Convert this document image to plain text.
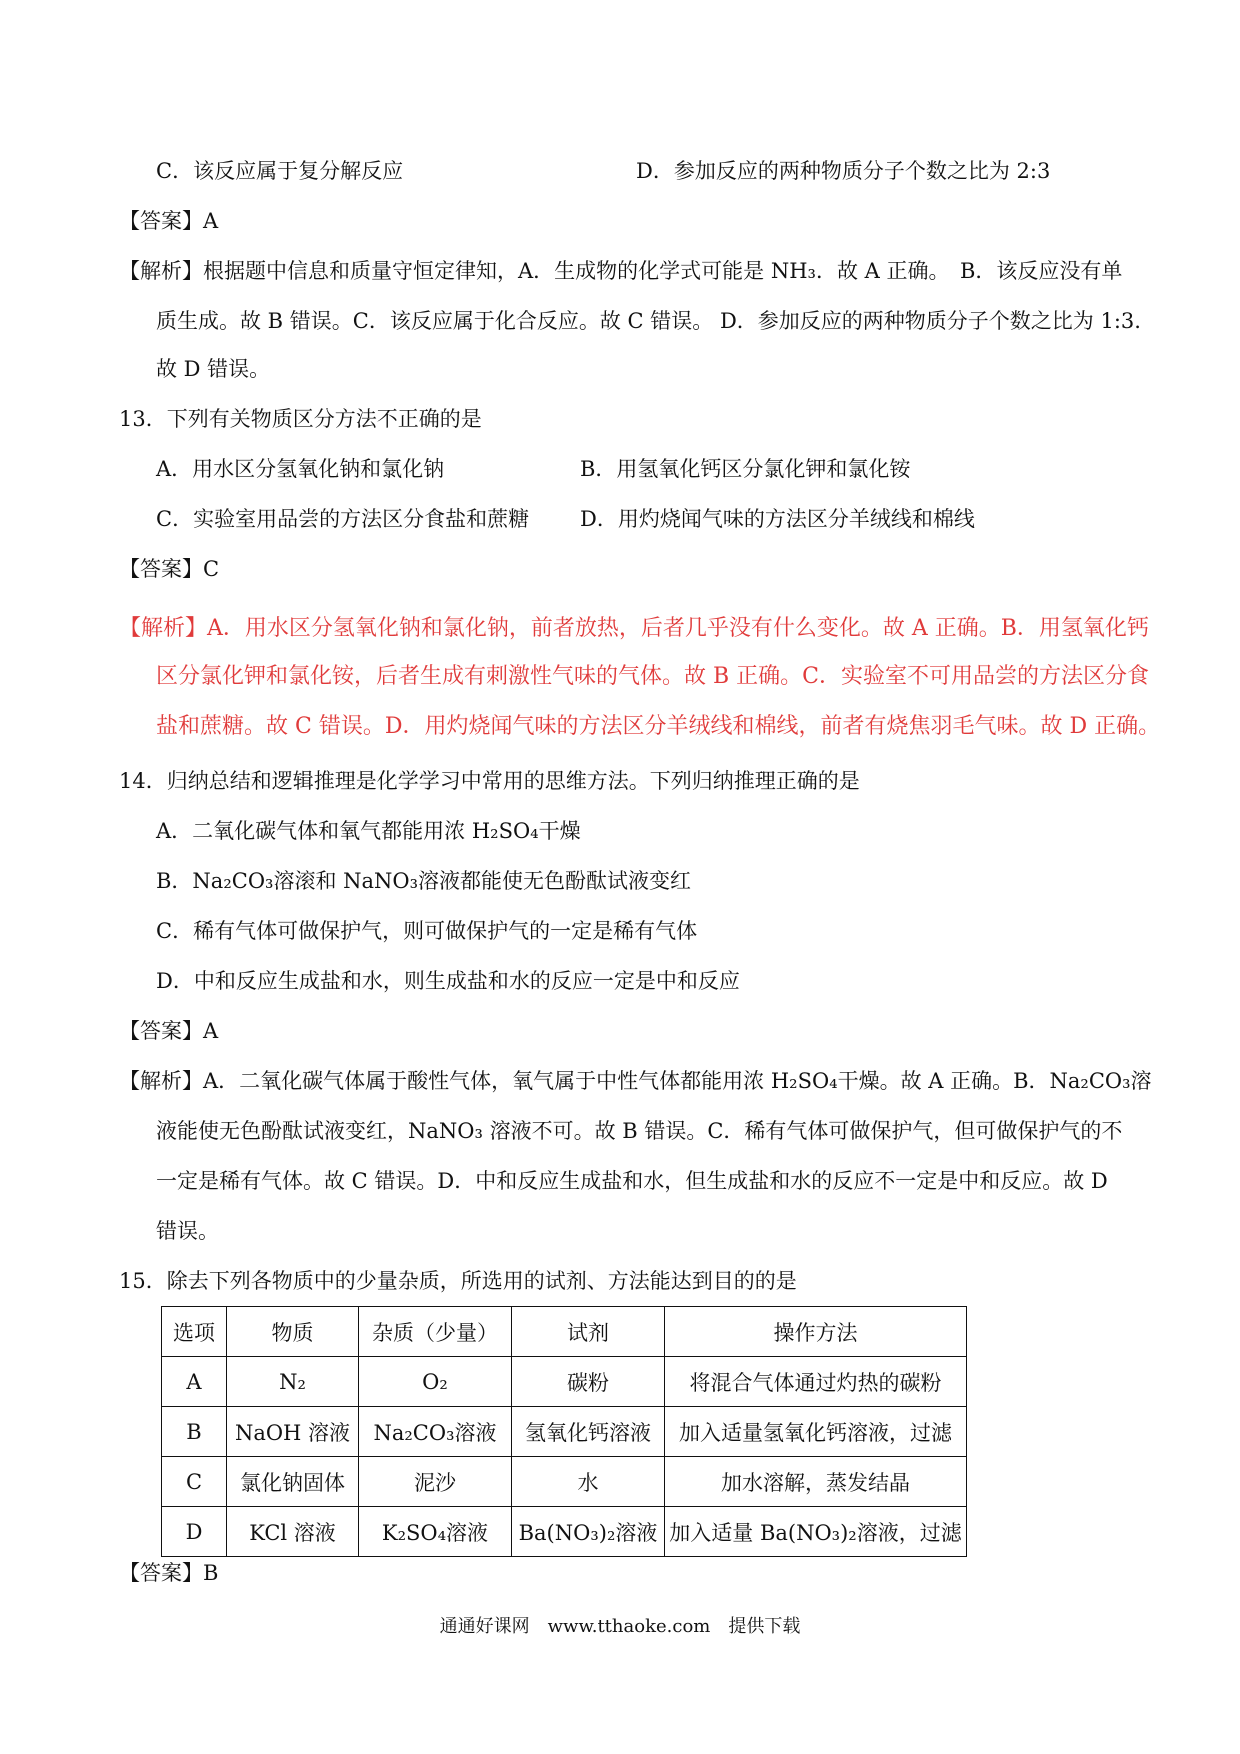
C．该反应属于复分解反应	D．参加反应的两种物质分子个数之比为 2:3
【答案】A
【解析】根据题中信息和质量守恒定律知，A．生成物的化学式可能是 NH₃．故 A 正确。　B．该反应没有单
质生成。故 B 错误。C．该反应属于化合反应。故 C 错误。 D．参加反应的两种物质分子个数之比为 1:3.
故 D 错误。
13．下列有关物质区分方法不正确的是
A．用水区分氢氧化钠和氯化钠	B．用氢氧化钙区分氯化钾和氯化铵
C．实验室用品尝的方法区分食盐和蔗糖 D．用灼烧闻气味的方法区分羊绒线和棉线
【答案】C
【解析】A．用水区分氢氧化钠和氯化钠，前者放热，后者几乎没有什么变化。故 A 正确。B．用氢氧化钙
区分氯化钾和氯化铵，后者生成有刺激性气味的气体。故 B 正确。C．实验室不可用品尝的方法区分食
盐和蔗糖。故 C 错误。D．用灼烧闻气味的方法区分羊绒线和棉线，前者有烧焦羽毛气味。故 D 正确。
14．归纳总结和逻辑推理是化学学习中常用的思维方法。下列归纳推理正确的是
A．二氧化碳气体和氧气都能用浓 H₂SO₄干燥
B．Na₂CO₃溶滚和 NaNO₃溶液都能使无色酚酞试液变红
C．稀有气体可做保护气，则可做保护气的一定是稀有气体
D．中和反应生成盐和水，则生成盐和水的反应一定是中和反应
【答案】A
【解析】A．二氧化碳气体属于酸性气体，氧气属于中性气体都能用浓 H₂SO₄干燥。故 A 正确。B．Na₂CO₃溶
液能使无色酚酞试液变红，NaNO₃ 溶液不可。故 B 错误。C．稀有气体可做保护气，但可做保护气的不
一定是稀有气体。故 C 错误。D．中和反应生成盐和水，但生成盐和水的反应不一定是中和反应。故 D
错误。
15．除去下列各物质中的少量杂质，所选用的试剂、方法能达到目的的是
选项	物质	杂质（少量）	试剂	操作方法
A	N₂	O₂	碳粉	将混合气体通过灼热的碳粉
B	NaOH 溶液	Na₂CO₃溶液	氢氧化钙溶液	加入适量氢氧化钙溶液，过滤
C	氯化钠固体	泥沙	水	加水溶解，蒸发结晶
D	KCl 溶液	K₂SO₄溶液	Ba(NO₃)₂溶液	加入适量 Ba(NO₃)₂溶液，过滤
【答案】B
通通好课网　www.tthaoke.com　提供下载
